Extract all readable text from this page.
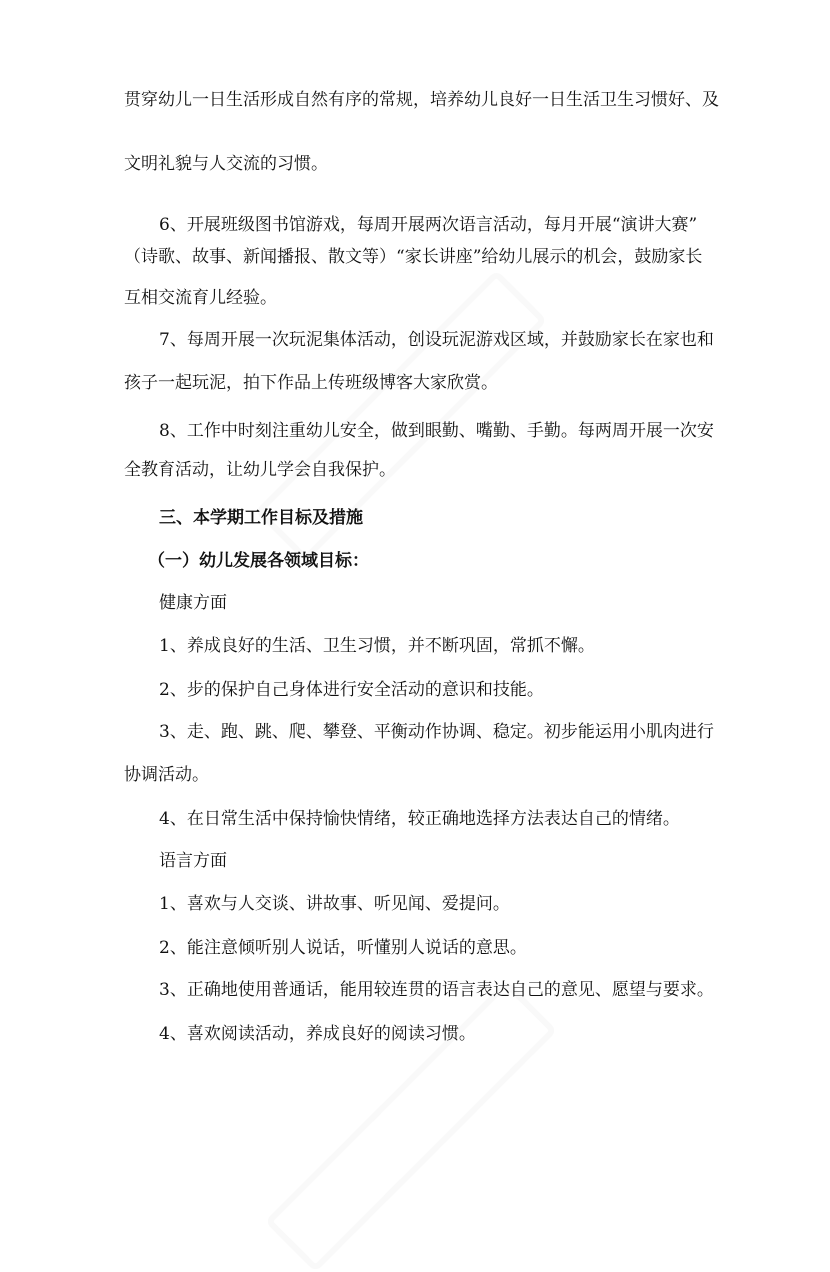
贯穿幼儿一日生活形成自然有序的常规，培养幼儿良好一日生活卫生习惯好、及
文明礼貌与人交流的习惯。
6、开展班级图书馆游戏，每周开展两次语言活动，每月开展“演讲大赛”
（诗歌、故事、新闻播报、散文等）“家长讲座”给幼儿展示的机会，鼓励家长
互相交流育儿经验。
7、每周开展一次玩泥集体活动，创设玩泥游戏区域，并鼓励家长在家也和
孩子一起玩泥，拍下作品上传班级博客大家欣赏。
8、工作中时刻注重幼儿安全，做到眼勤、嘴勤、手勤。每两周开展一次安
全教育活动，让幼儿学会自我保护。
三、本学期工作目标及措施
（一）幼儿发展各领域目标：
健康方面
1、养成良好的生活、卫生习惯，并不断巩固，常抓不懈。
2、步的保护自己身体进行安全活动的意识和技能。
3、走、跑、跳、爬、攀登、平衡动作协调、稳定。初步能运用小肌肉进行
协调活动。
4、在日常生活中保持愉快情绪，较正确地选择方法表达自己的情绪。
语言方面
1、喜欢与人交谈、讲故事、听见闻、爱提问。
2、能注意倾听别人说话，听懂别人说话的意思。
3、正确地使用普通话，能用较连贯的语言表达自己的意见、愿望与要求。
4、喜欢阅读活动，养成良好的阅读习惯。
